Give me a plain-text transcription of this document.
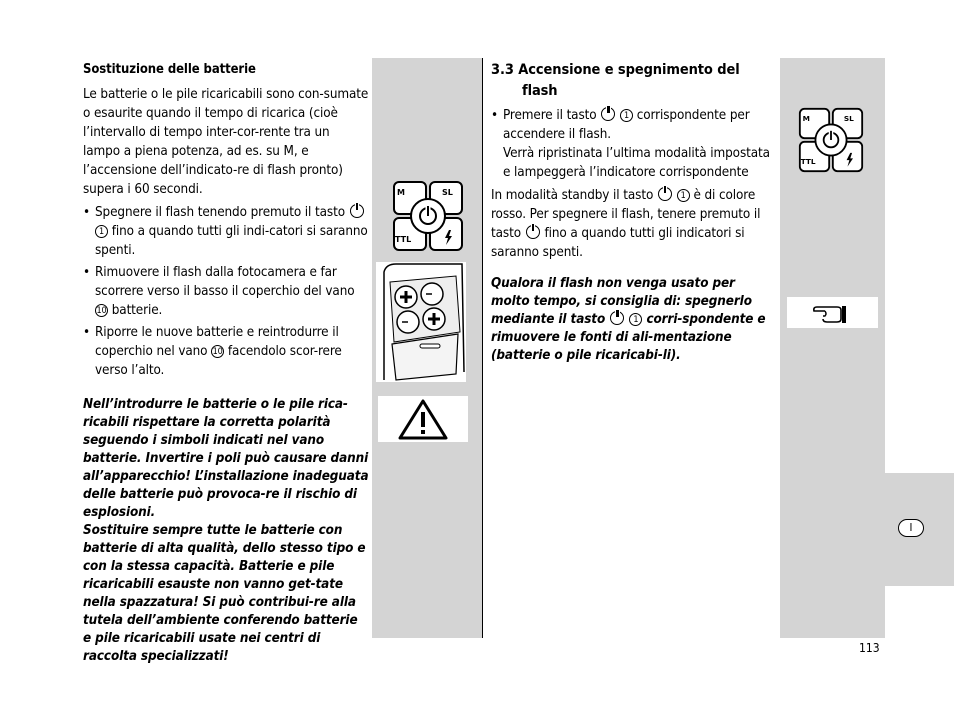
Sostituzione delle batterie

Le batterie o le pile ricaricabili sono con-sumate o esaurite quando il tempo di ricarica (cioè l’intervallo di tempo inter-cor-rente tra un lampo a piena potenza, ad es. su M, e l’accensione dell’indicato-re di flash pronto) supera i 60 secondi.

• Spegnere il flash tenendo premuto il tasto  1 fino a quando tutti gli indi-catori si saranno spenti.
• Rimuovere il flash dalla fotocamera e far scorrere verso il basso il coperchio del vano 10 batterie.
• Riporre le nuove batterie e reintrodurre il coperchio nel vano 10 facendolo scor-rere verso l’alto.

Nell’introdurre le batterie o le pile rica-ricabili rispettare la corretta polarità seguendo i simboli indicati nel vano batterie. Invertire i poli può causare danni all’apparecchio! L’installazione inadeguata delle batterie può provoca-re il rischio di esplosioni.

Sostituire sempre tutte le batterie con batterie di alta qualità, dello stesso tipo e con la stessa capacità. Batterie e pile ricaricabili esauste non vanno get-tate nella spazzatura! Si può contribui-re alla tutela dell’ambiente conferendo batterie e pile ricaricabili usate nei centri di raccolta specializzati!

M	SL
TTL

3.3 Accensione e spegnimento del flash

• Premere il tasto	1 corrispondente per accendere il flash.
Verrà ripristinata l’ultima modalità impostata e lampeggerà l’indicatore corrispondente

In modalità standby il tasto	1 è di colore rosso. Per spegnere il flash, tenere premuto il tasto fino a quando tutti gli indicatori si saranno spenti.

Qualora il flash non venga usato per molto tempo, si consiglia di: spegnerlo mediante il tasto	1 corri-spondente e rimuovere le fonti di ali-mentazione (batterie o pile ricaricabi-li).

M	SL
TTL
I
113
